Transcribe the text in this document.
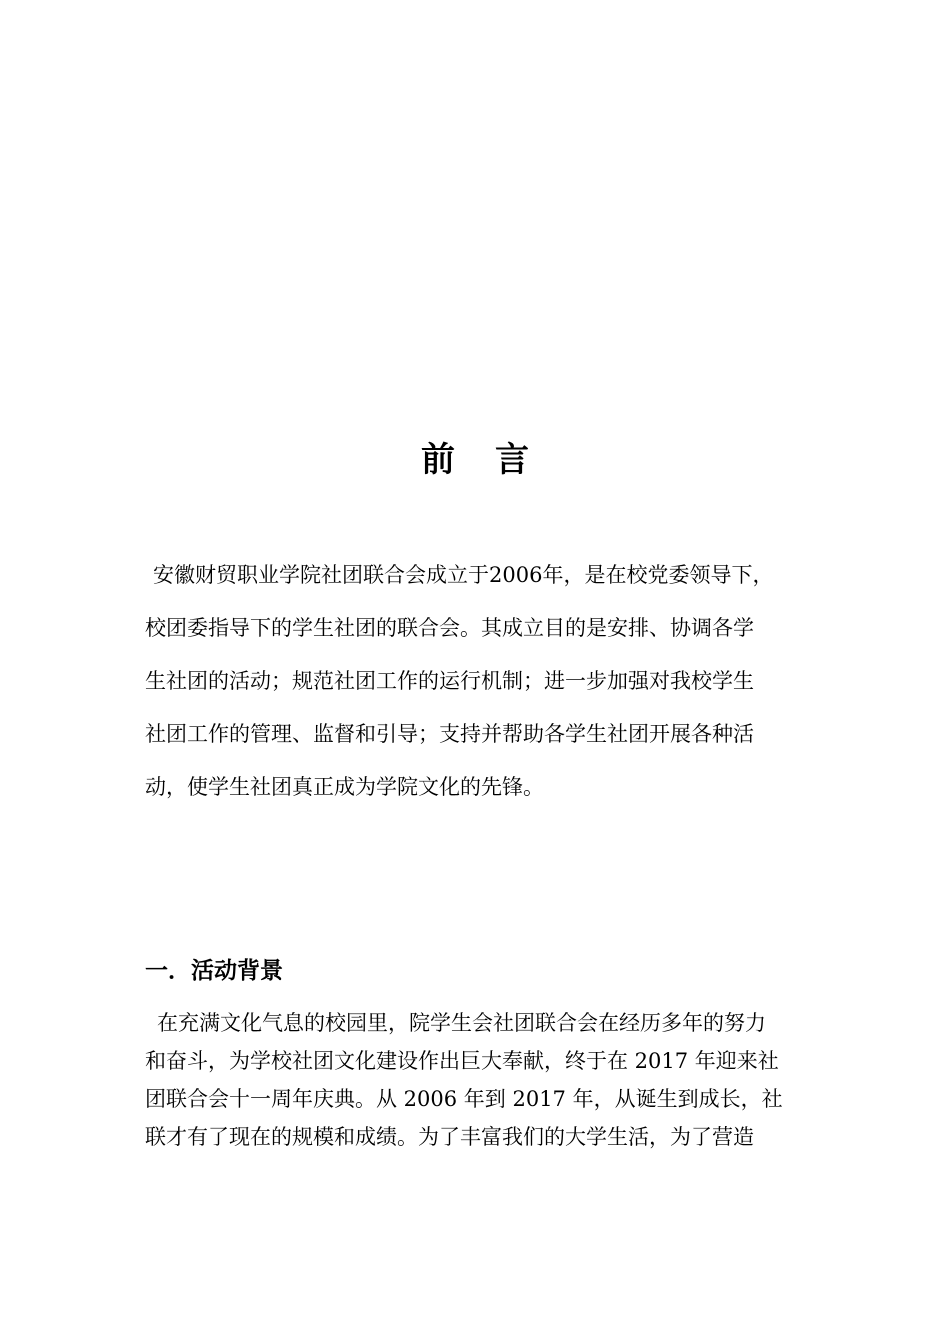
前 言
安徽财贸职业学院社团联合会成立于2006年，是在校党委领导下，
校团委指导下的学生社团的联合会。其成立目的是安排、协调各学
生社团的活动；规范社团工作的运行机制；进一步加强对我校学生
社团工作的管理、监督和引导；支持并帮助各学生社团开展各种活
动，使学生社团真正成为学院文化的先锋。
一．活动背景
在充满文化气息的校园里，院学生会社团联合会在经历多年的努力
和奋斗，为学校社团文化建设作出巨大奉献，终于在 2017 年迎来社
团联合会十一周年庆典。从 2006 年到 2017 年，从诞生到成长，社
联才有了现在的规模和成绩。为了丰富我们的大学生活，为了营造
